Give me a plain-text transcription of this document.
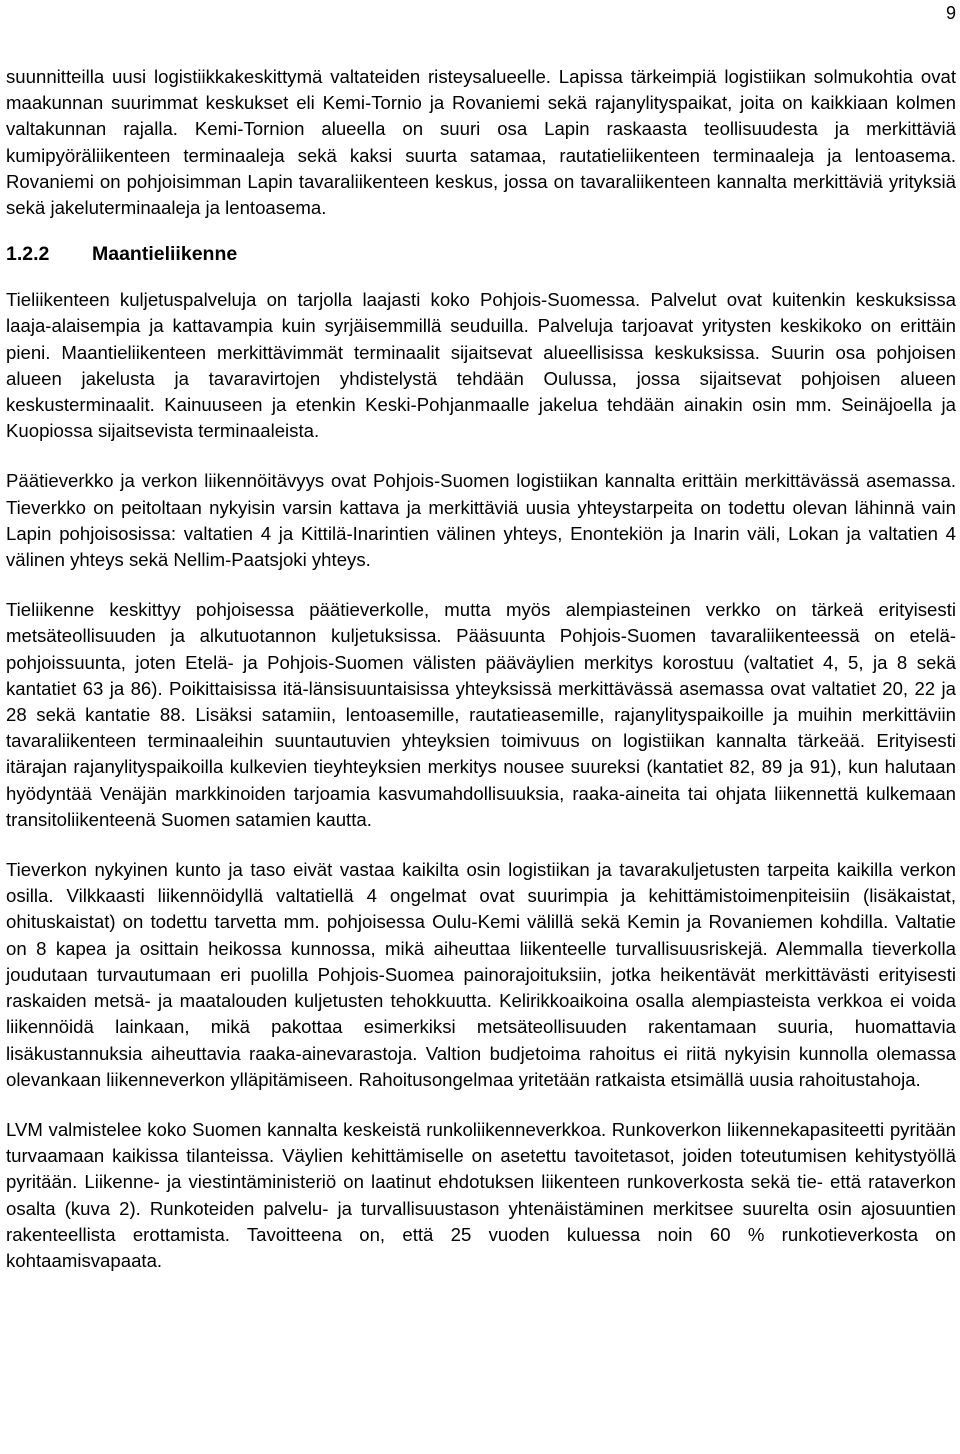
9

suunnitteilla uusi logistiikkakeskittymä valtateiden risteysalueelle. Lapissa tärkeimpiä logistiikan solmukohtia ovat maakunnan suurimmat keskukset eli Kemi-Tornio ja Rovaniemi sekä rajanylityspaikat, joita on kaikkiaan kolmen valtakunnan rajalla. Kemi-Tornion alueella on suuri osa Lapin raskaasta teollisuudesta ja merkittäviä kumipyöräliikenteen terminaaleja sekä kaksi suurta satamaa, rautatieliikenteen terminaaleja ja lentoasema. Rovaniemi on pohjoisimman Lapin tavaraliikenteen keskus, jossa on tavaraliikenteen kannalta merkittäviä yrityksiä sekä jakeluterminaaleja ja lentoasema.

1.2.2	Maantieliikenne

Tieliikenteen kuljetuspalveluja on tarjolla laajasti koko Pohjois-Suomessa. Palvelut ovat kuitenkin keskuksissa laaja-alaisempia ja kattavampia kuin syrjäisemmillä seuduilla. Palveluja tarjoavat yritysten keskikoko on erittäin pieni. Maantieliikenteen merkittävimmät terminaalit sijaitsevat alueellisissa keskuksissa. Suurin osa pohjoisen alueen jakelusta ja tavaravirtojen yhdistelystä tehdään Oulussa, jossa sijaitsevat pohjoisen alueen keskusterminaalit. Kainuuseen ja etenkin Keski-Pohjanmaalle jakelua tehdään ainakin osin mm. Seinäjoella ja Kuopiossa sijaitsevista terminaaleista.

Päätieverkko ja verkon liikennöitävyys ovat Pohjois-Suomen logistiikan kannalta erittäin merkittävässä asemassa. Tieverkko on peitoltaan nykyisin varsin kattava ja merkittäviä uusia yhteystarpeita on todettu olevan lähinnä vain Lapin pohjoisosissa: valtatien 4 ja Kittilä-Inarintien välinen yhteys, Enontekiön ja Inarin väli, Lokan ja valtatien 4 välinen yhteys sekä Nellim-Paatsjoki yhteys.

Tieliikenne keskittyy pohjoisessa päätieverkolle, mutta myös alempiasteinen verkko on tärkeä erityisesti metsäteollisuuden ja alkutuotannon kuljetuksissa. Pääsuunta Pohjois-Suomen tavaraliikenteessä on etelä-pohjoissuunta, joten Etelä- ja Pohjois-Suomen välisten pääväylien merkitys korostuu (valtatiet 4, 5, ja 8 sekä kantatiet 63 ja 86). Poikittaisissa itä-länsisuuntaisissa yhteyksissä merkittävässä asemassa ovat valtatiet 20, 22 ja 28 sekä kantatie 88. Lisäksi satamiin, lentoasemille, rautatieasemille, rajanylityspaikoille ja muihin merkittäviin tavaraliikenteen terminaaleihin suuntautuvien yhteyksien toimivuus on logistiikan kannalta tärkeää. Erityisesti itärajan rajanylityspaikoilla kulkevien tieyhteyksien merkitys nousee suureksi (kantatiet 82, 89 ja 91), kun halutaan hyödyntää Venäjän markkinoiden tarjoamia kasvumahdollisuuksia, raaka-aineita tai ohjata liikennettä kulkemaan transitoliikenteenä Suomen satamien kautta.

Tieverkon nykyinen kunto ja taso eivät vastaa kaikilta osin logistiikan ja tavarakuljetusten tarpeita kaikilla verkon osilla. Vilkkaasti liikennöidyllä valtatiellä 4 ongelmat ovat suurimpia ja kehittämistoimenpiteisiin (lisäkaistat, ohituskaistat) on todettu tarvetta mm. pohjoisessa Oulu-Kemi välillä sekä Kemin ja Rovaniemen kohdilla. Valtatie on 8 kapea ja osittain heikossa kunnossa, mikä aiheuttaa liikenteelle turvallisuusriskejä. Alemmalla tieverkolla joudutaan turvautumaan eri puolilla Pohjois-Suomea painorajoituksiin, jotka heikentävät merkittävästi erityisesti raskaiden metsä- ja maatalouden kuljetusten tehokkuutta. Kelirikkoaikoina osalla alempiasteista verkkoa ei voida liikennöidä lainkaan, mikä pakottaa esimerkiksi metsäteollisuuden rakentamaan suuria, huomattavia lisäkustannuksia aiheuttavia raaka-ainevarastoja. Valtion budjetoima rahoitus ei riitä nykyisin kunnolla olemassa olevankaan liikenneverkon ylläpitämiseen. Rahoitusongelmaa yritetään ratkaista etsimällä uusia rahoitustahoja.

LVM valmistelee koko Suomen kannalta keskeistä runkoliikenneverkkoa. Runkoverkon liikennekapasiteetti pyritään turvaamaan kaikissa tilanteissa. Väylien kehittämiselle on asetettu tavoitetasot, joiden toteutumisen kehitystyöllä pyritään. Liikenne- ja viestintäministeriö on laatinut ehdotuksen liikenteen runkoverkosta sekä tie- että rataverkon osalta (kuva 2). Runkoteiden palvelu- ja turvallisuustason yhtenäistäminen merkitsee suurelta osin ajosuuntien rakenteellista erottamista. Tavoitteena on, että 25 vuoden kuluessa noin 60 % runkotieverkosta on kohtaamisvapaata.
